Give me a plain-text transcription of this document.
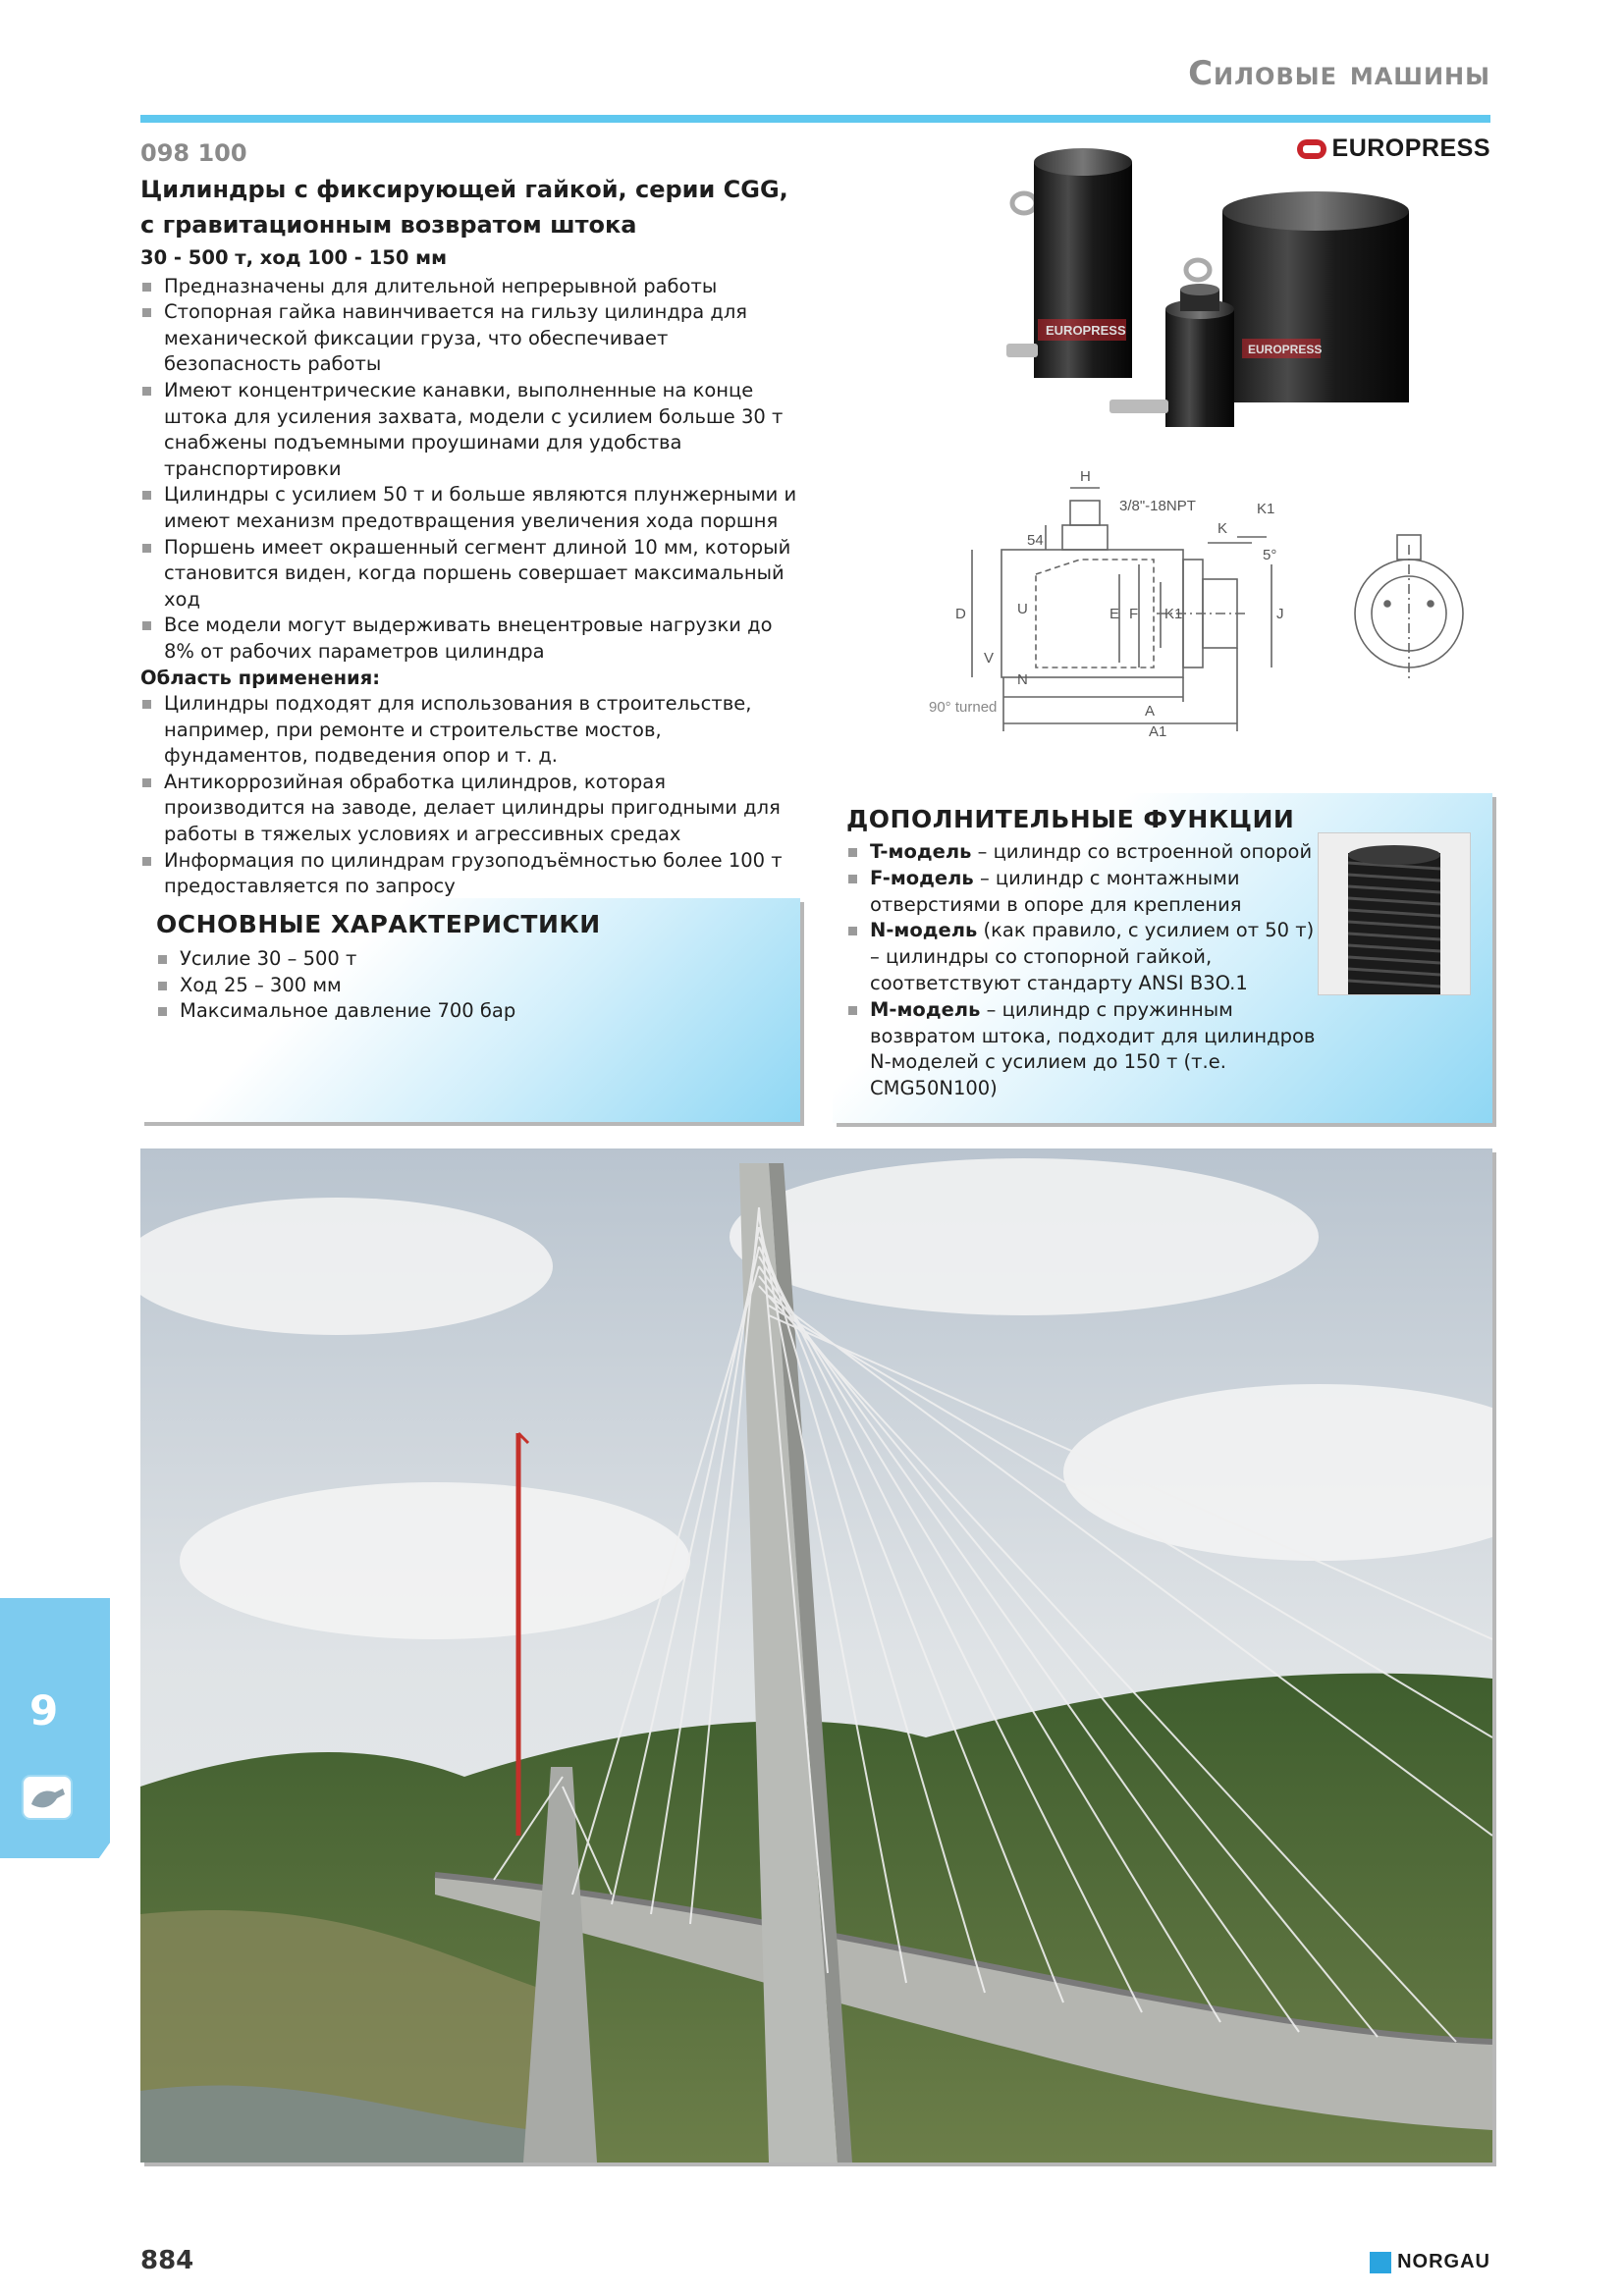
Силовые машины
EUROPRESS
098 100
Цилиндры с фиксирующей гайкой, серии CGG,
с гравитационным возвратом штока
30 - 500 т, ход 100 - 150 мм
Предназначены для длительной непрерывной работы
Стопорная гайка навинчивается на гильзу цилиндра для механической фиксации груза, что обеспечивает безопасность работы
Имеют концентрические канавки, выполненные на конце штока для усиления захвата, модели с усилием больше 30 т снабжены подъемными проушинами для удобства транспортировки
Цилиндры с усилием 50 т и больше являются плунжерными и имеют механизм предотвращения увеличения хода поршня
Поршень имеет окрашенный сегмент длиной 10 мм, который становится виден, когда поршень совершает максимальный ход
Все модели могут выдерживать внецентровые нагрузки до 8% от рабочих параметров цилиндра
Область применения:
Цилиндры подходят для использования в строительстве, например, при ремонте и строительстве мостов, фундаментов, подведения опор и т. д.
Антикоррозийная обработка цилиндров, которая производится на заводе, делает цилиндры пригодными для работы в тяжелых условиях и агрессивных средах
Информация по цилиндрам грузоподъёмностью более 100 т предоставляется по запросу
EUROPRESS
EUROPRESS
H
3/8"-18NPT	K1
K
5°
54
D	U
V
N
E F K1	J
90° turned	A
A1
ОСНОВНЫЕ ХАРАКТЕРИСТИКИ
Усилие 30 – 500 т
Ход 25 – 300 мм
Максимальное давление 700 бар
ДОПОЛНИТЕЛЬНЫЕ ФУНКЦИИ
T-модель – цилиндр со встроенной опорой
F-модель – цилиндр с монтажными отверстиями в опоре для крепления
N-модель (как правило, с усилием от 50 т) – цилиндры со стопорной гайкой, соответствуют стандарту ANSI B3O.1
M-модель – цилиндр с пружинным возвратом штока, подходит для цилиндров N-моделей с усилием до 150 т (т.е. CMG50N100)
9
884	NORGAU
